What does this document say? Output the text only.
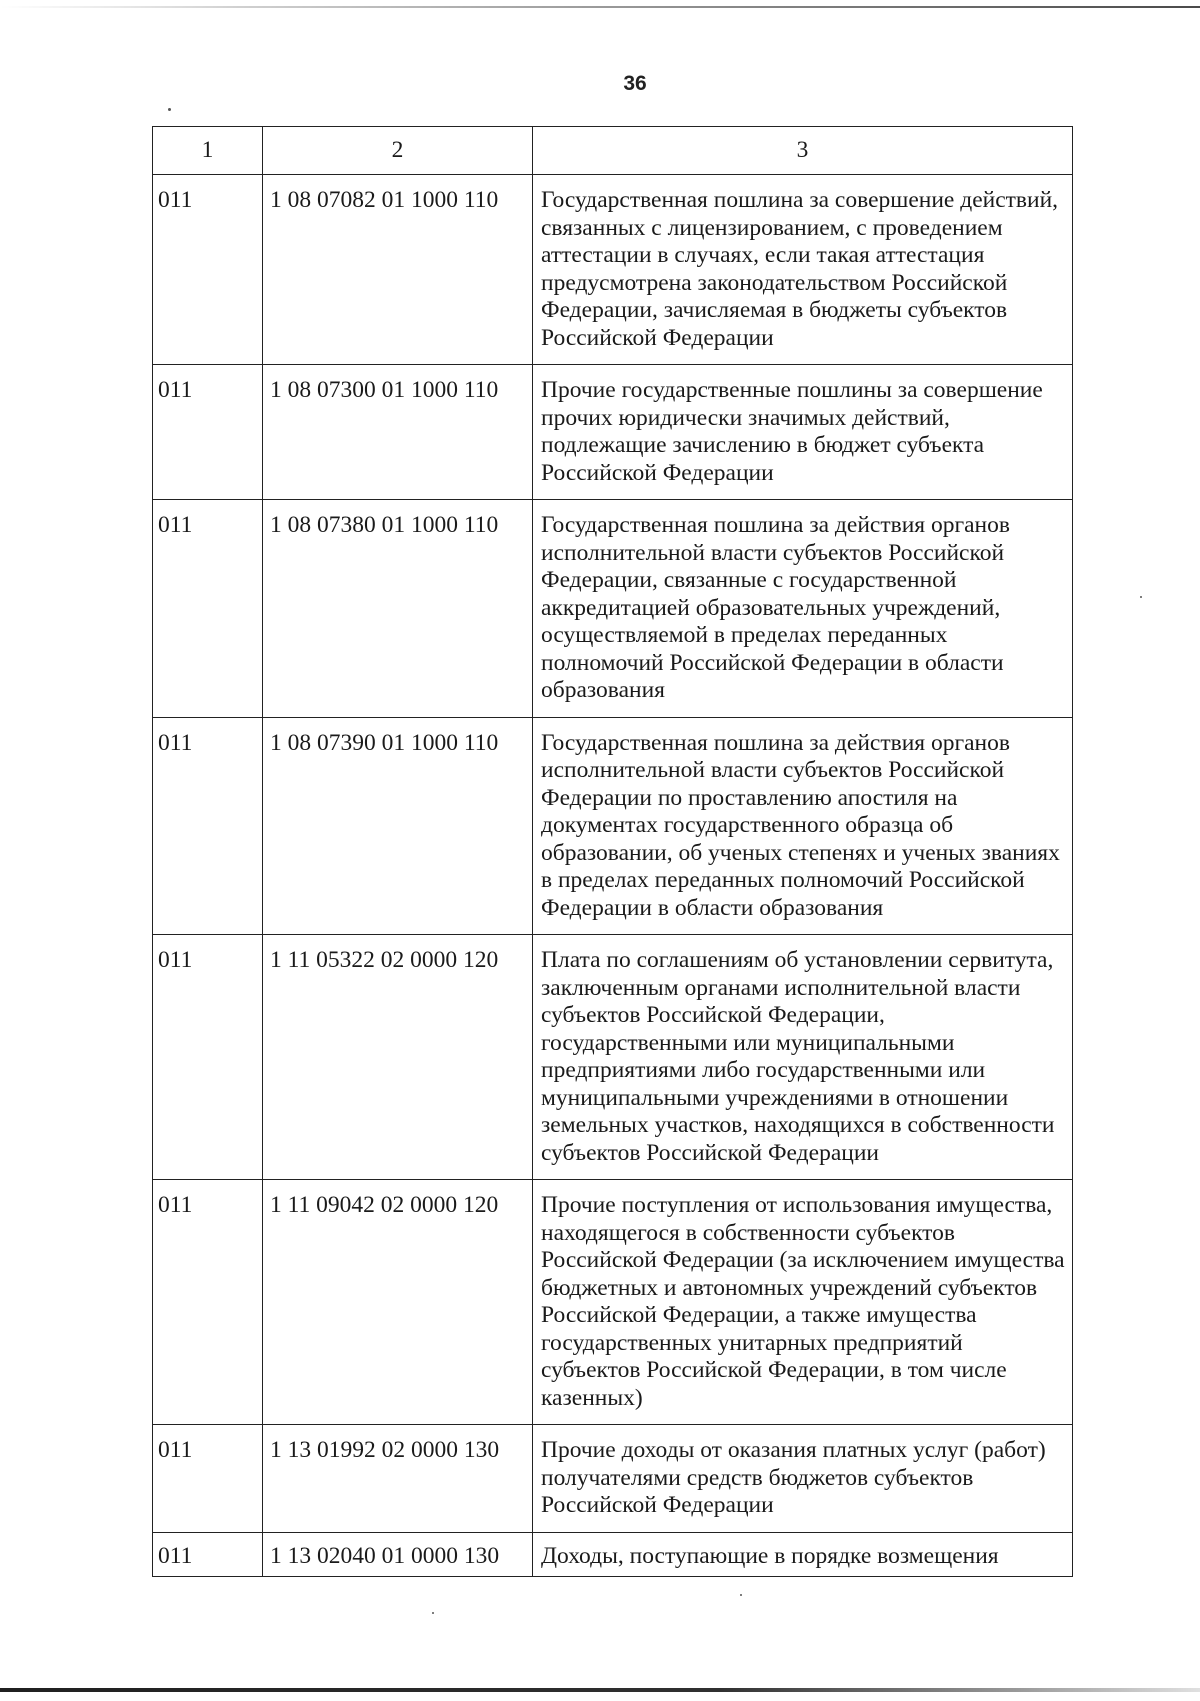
36
1	2	3
011	1 08 07082 01 1000 110	Государственная пошлина за совершение действий, связанных с лицензированием, с проведением аттестации в случаях, если такая аттестация предусмотрена законодательством Российской Федерации, зачисляемая в бюджеты субъектов Российской Федерации
011	1 08 07300 01 1000 110	Прочие государственные пошлины за совершение прочих юридически значимых действий, подлежащие зачислению в бюджет субъекта Российской Федерации
011	1 08 07380 01 1000 110	Государственная пошлина за действия органов исполнительной власти субъектов Российской Федерации, связанные с государственной аккредитацией образовательных учреждений, осуществляемой в пределах переданных полномочий Российской Федерации в области образования
011	1 08 07390 01 1000 110	Государственная пошлина за действия органов исполнительной власти субъектов Российской Федерации по проставлению апостиля на документах государственного образца об образовании, об ученых степенях и ученых званиях в пределах переданных полномочий Российской Федерации в области образования
011	1 11 05322 02 0000 120	Плата по соглашениям об установлении сервитута, заключенным органами исполнительной власти субъектов Российской Федерации, государственными или муниципальными предприятиями либо государственными или муниципальными учреждениями в отношении земельных участков, находящихся в собственности субъектов Российской Федерации
011	1 11 09042 02 0000 120	Прочие поступления от использования имущества, находящегося в собственности субъектов Российской Федерации (за исключением имущества бюджетных и автономных учреждений субъектов Российской Федерации, а также имущества государственных унитарных предприятий субъектов Российской Федерации, в том числе казенных)
011	1 13 01992 02 0000 130	Прочие доходы от оказания платных услуг (работ) получателями средств бюджетов субъектов Российской Федерации
011	1 13 02040 01 0000 130	Доходы, поступающие в порядке возмещения
